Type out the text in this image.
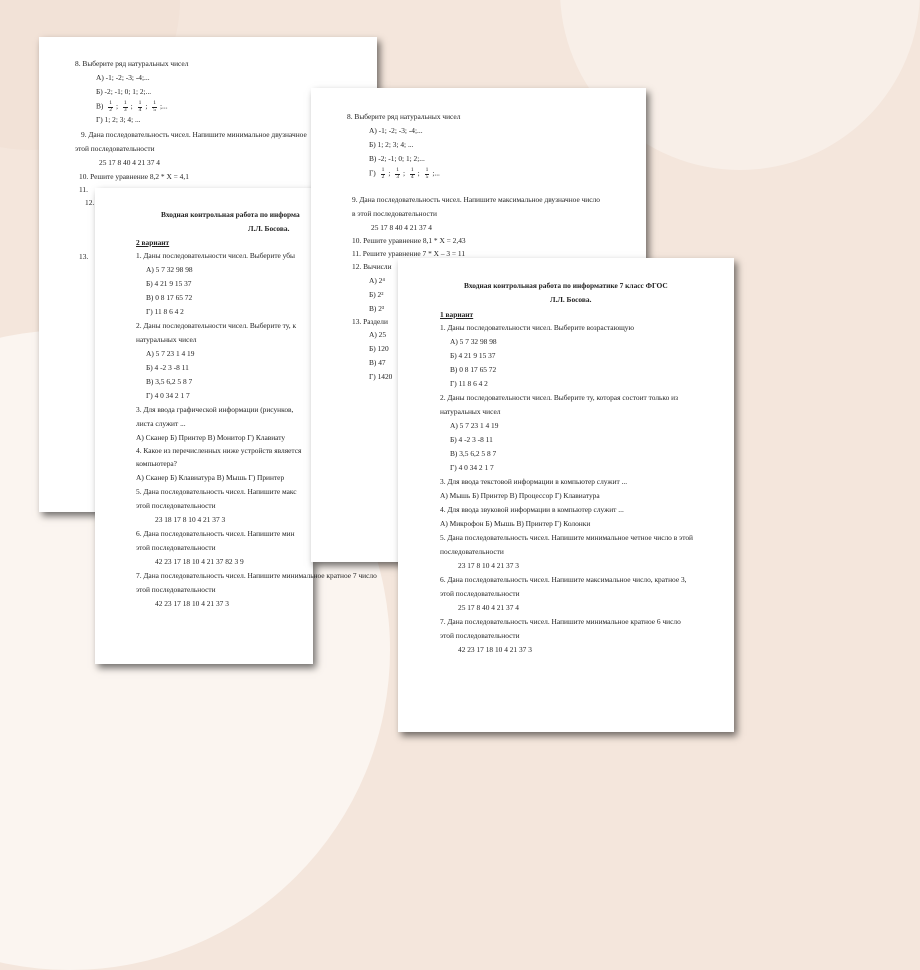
8. Выберите ряд натуральных чисел
А) -1; -2; -3; -4;...
Б) -2; -1; 0; 1; 2;...
$В) \frac{1}{2}$ ; $\frac{1}{3}$ ; $\frac{1}{4}$ ; $\frac{1}{5}$ ;...
Г) 1; 2; 3; 4; ...
9. Дана последовательность чисел. Напишите минимальное двузначное
этой последовательности
25 17 8 40 4 21 37 4
10. Решите уравнение 8,2 * X = 4,1
11.
12.
13.
Входная контрольная работа по информа
Л.Л. Босова.
2 вариант
1. Даны последовательности чисел. Выберите убы
А) 5 7 32 98 98
Б) 4 21 9 15 37
В) 0 8 17 65 72
Г) 11 8 6 4 2
2. Даны последовательности чисел. Выберите ту, к
натуральных чисел
А) 5 7 23 1 4 19
Б) 4 -2 3 -8 11
В) 3,5 6,2 5 8 7
Г) 4 0 34 2 1 7
3. Для ввода графической информации (рисунков,
листа служит ...
А) Сканер Б) Принтер В) Монитор Г) Клавиату
4. Какое из перечисленных ниже устройств является
компьютера?
А) Сканер Б) Клавиатура В) Мышь Г) Принтер
5. Дана последовательность чисел. Напишите макс
этой последовательности
23 18 17 8 10 4 21 37 3
6. Дана последовательность чисел. Напишите мин
этой последовательности
42 23 17 18 10 4 21 37 82 3 9
7. Дана последовательность чисел. Напишите минимальное кратное 7 число
этой последовательности
42 23 17 18 10 4 21 37 3
8. Выберите ряд натуральных чисел
А) -1; -2; -3; -4;...
Б) 1; 2; 3; 4; ...
В) -2; -1; 0; 1; 2;...
$Г) \frac{1}{2}$ ; $\frac{1}{3}$ ; $\frac{1}{4}$ ; $\frac{1}{5}$ ;...
9. Дана последовательность чисел. Напишите максимальное двузначное число
в этой последовательности
25 17 8 40 4 21 37 4
10. Решите уравнение 8,1 * X = 2,43
11. Решите уравнение 7 * X – 3 = 11
12. Вычисли
А) 2⁴
Б) 2²
В) 2³
13. Раздели
А) 25
Б) 120
В) 47
Г) 1420
Входная контрольная работа по информатике 7 класс ФГОС
Л.Л. Босова.
1 вариант
1. Даны последовательности чисел. Выберите возрастающую
А) 5 7 32 98 98
Б) 4 21 9 15 37
В) 0 8 17 65 72
Г) 11 8 6 4 2
2. Даны последовательности чисел. Выберите ту, которая состоит только из
натуральных чисел
А) 5 7 23 1 4 19
Б) 4 -2 3 -8 11
В) 3,5 6,2 5 8 7
Г) 4 0 34 2 1 7
3. Для ввода текстовой информации в компьютер служит ...
А) Мышь Б) Принтер В) Процессор Г) Клавиатура
4. Для ввода звуковой информации в компьютер служит ...
А) Микрофон Б) Мышь В) Принтер Г) Колонки
5. Дана последовательность чисел. Напишите минимальное четное число в этой
последовательности
23 17 8 10 4 21 37 3
6. Дана последовательность чисел. Напишите максимальное число, кратное 3,
этой последовательности
25 17 8 40 4 21 37 4
7. Дана последовательность чисел. Напишите минимальное кратное 6 число
этой последовательности
42 23 17 18 10 4 21 37 3
